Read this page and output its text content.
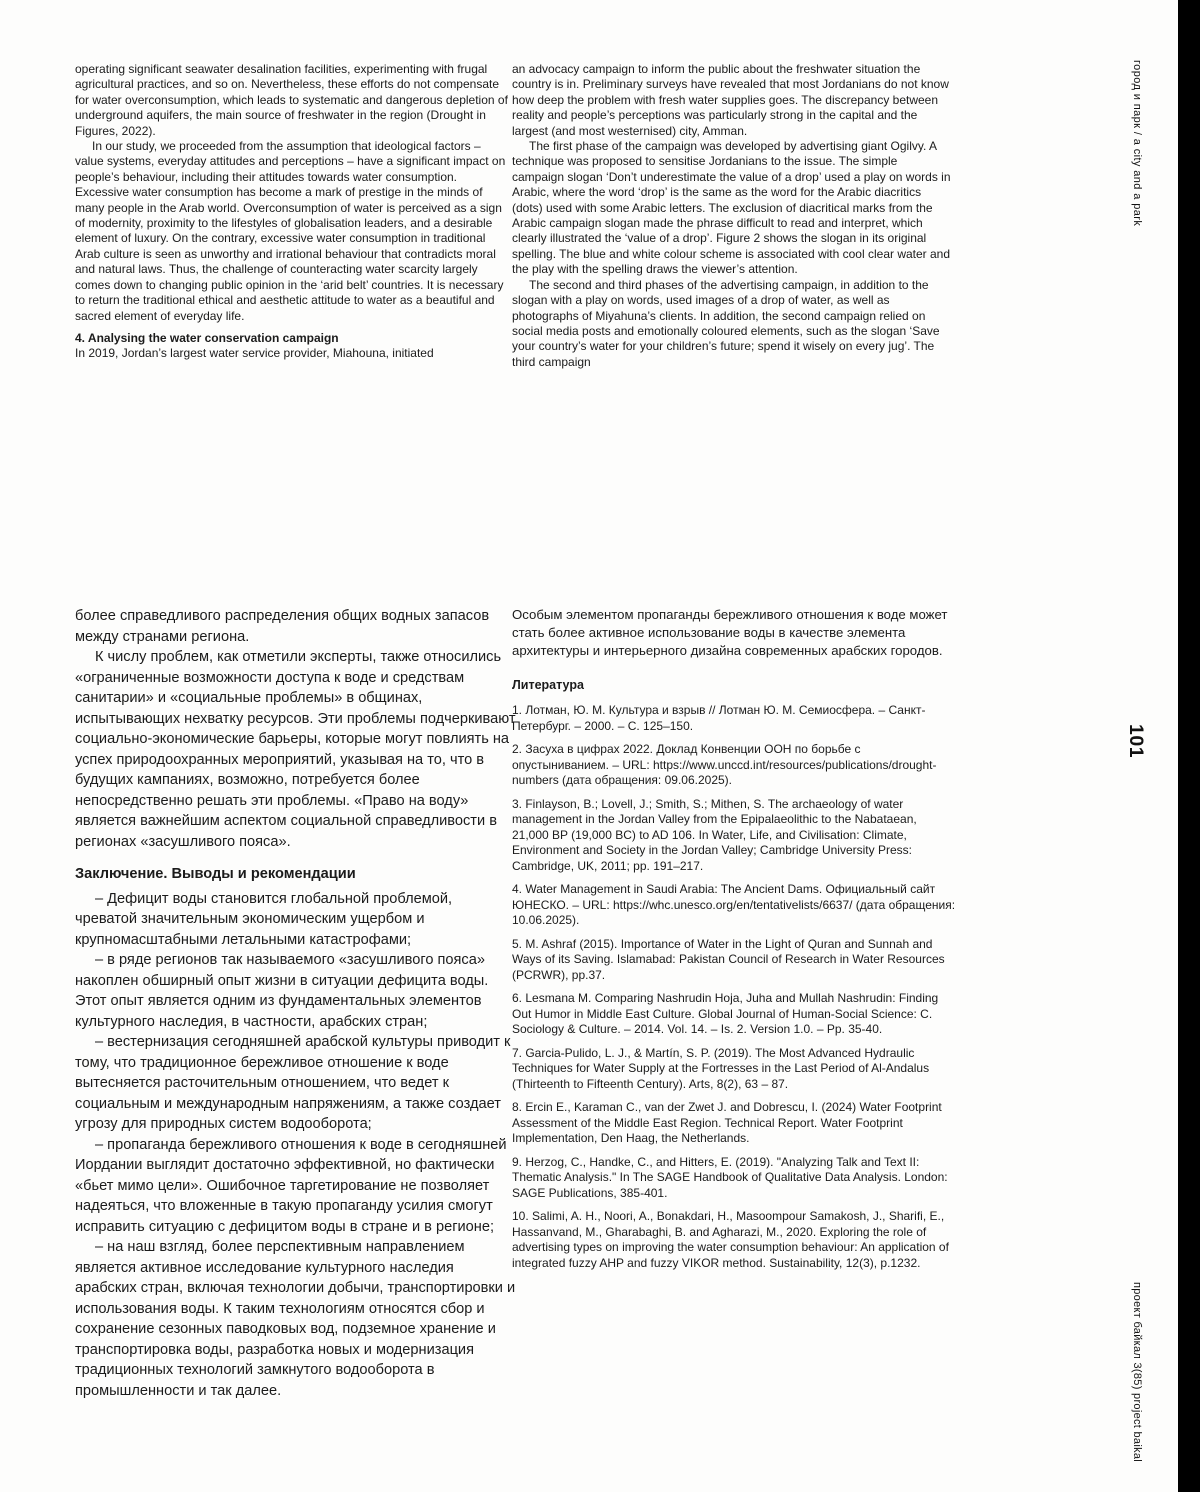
operating significant seawater desalination facilities, experimenting with frugal agricultural practices, and so on. Nevertheless, these efforts do not compensate for water overconsumption, which leads to systematic and dangerous depletion of underground aquifers, the main source of freshwater in the region (Drought in Figures, 2022).

In our study, we proceeded from the assumption that ideological factors – value systems, everyday attitudes and perceptions – have a significant impact on people’s behaviour, including their attitudes towards water consumption. Excessive water consumption has become a mark of prestige in the minds of many people in the Arab world. Overconsumption of water is perceived as a sign of modernity, proximity to the lifestyles of globalisation leaders, and a desirable element of luxury. On the contrary, excessive water consumption in traditional Arab culture is seen as unworthy and irrational behaviour that contradicts moral and natural laws. Thus, the challenge of counteracting water scarcity largely comes down to changing public opinion in the ‘arid belt’ countries. It is necessary to return the traditional ethical and aesthetic attitude to water as a beautiful and sacred element of everyday life.

4. Analysing the water conservation campaign

In 2019, Jordan’s largest water service provider, Miahouna, initiated

an advocacy campaign to inform the public about the freshwater situation the country is in. Preliminary surveys have revealed that most Jordanians do not know how deep the problem with fresh water supplies goes. The discrepancy between reality and people’s perceptions was particularly strong in the capital and the largest (and most westernised) city, Amman.

The first phase of the campaign was developed by advertising giant Ogilvy. A technique was proposed to sensitise Jordanians to the issue. The simple campaign slogan ‘Don’t underestimate the value of a drop’ used a play on words in Arabic, where the word ‘drop’ is the same as the word for the Arabic diacritics (dots) used with some Arabic letters. The exclusion of diacritical marks from the Arabic campaign slogan made the phrase difficult to read and interpret, which clearly illustrated the ‘value of a drop’. Figure 2 shows the slogan in its original spelling. The blue and white colour scheme is associated with cool clear water and the play with the spelling draws the viewer’s attention.

The second and third phases of the advertising campaign, in addition to the slogan with a play on words, used images of a drop of water, as well as photographs of Miyahuna’s clients. In addition, the second campaign relied on social media posts and emotionally coloured elements, such as the slogan ‘Save your country’s water for your children’s future; spend it wisely on every jug’. The third campaign

более справедливого распределения общих водных запасов между странами региона.

К числу проблем, как отметили эксперты, также относились «ограниченные возможности доступа к воде и средствам санитарии» и «социальные проблемы» в общинах, испытывающих нехватку ресурсов. Эти проблемы подчеркивают социально-экономические барьеры, которые могут повлиять на успех природоохранных мероприятий, указывая на то, что в будущих кампаниях, возможно, потребуется более непосредственно решать эти проблемы. «Право на воду» является важнейшим аспектом социальной справедливости в регионах «засушливого пояса».

Заключение. Выводы и рекомендации

– Дефицит воды становится глобальной проблемой, чреватой значительным экономическим ущербом и крупномасштабными летальными катастрофами;

– в ряде регионов так называемого «засушливого пояса» накоплен обширный опыт жизни в ситуации дефицита воды. Этот опыт является одним из фундаментальных элементов культурного наследия, в частности, арабских стран;

– вестернизация сегодняшней арабской культуры приводит к тому, что традиционное бережливое отношение к воде вытесняется расточительным отношением, что ведет к социальным и международным напряжениям, а также создает угрозу для природных систем водооборота;

– пропаганда бережливого отношения к воде в сегодняшней Иордании выглядит достаточно эффективной, но фактически «бьет мимо цели». Ошибочное таргетирование не позволяет надеяться, что вложенные в такую пропаганду усилия смогут исправить ситуацию с дефицитом воды в стране и в регионе;

– на наш взгляд, более перспективным направлением является активное исследование культурного наследия арабских стран, включая технологии добычи, транспортировки и использования воды. К таким технологиям относятся сбор и сохранение сезонных паводковых вод, подземное хранение и транспортировка воды, разработка новых и модернизация традиционных технологий замкнутого водооборота в промышленности и так далее.

Особым элементом пропаганды бережливого отношения к воде может стать более активное использование воды в качестве элемента архитектуры и интерьерного дизайна современных арабских городов.

Литература

1. Лотман, Ю. М. Культура и взрыв // Лотман Ю. М. Семиосфера. – Санкт-Петербург. – 2000. – С. 125–150.

2. Засуха в цифрах 2022. Доклад Конвенции ООН по борьбе с опустыниванием. – URL: https://www.unccd.int/resources/publications/drought-numbers (дата обращения: 09.06.2025).

3. Finlayson, B.; Lovell, J.; Smith, S.; Mithen, S. The archaeology of water management in the Jordan Valley from the Epipalaeolithic to the Nabataean, 21,000 BP (19,000 BC) to AD 106. In Water, Life, and Civilisation: Climate, Environment and Society in the Jordan Valley; Cambridge University Press: Cambridge, UK, 2011; pp. 191–217.

4. Water Management in Saudi Arabia: The Ancient Dams. Официальный сайт ЮНЕСКО. – URL: https://whc.unesco.org/en/tentativelists/6637/ (дата обращения: 10.06.2025).

5. M. Ashraf (2015). Importance of Water in the Light of Quran and Sunnah and Ways of its Saving. Islamabad: Pakistan Council of Research in Water Resources (PCRWR), pp.37.

6. Lesmana M. Comparing Nashrudin Hoja, Juha and Mullah Nashrudin: Finding Out Humor in Middle East Culture. Global Journal of Human-Social Science: C. Sociology & Culture. – 2014. Vol. 14. – Is. 2. Version 1.0. – Pp. 35-40.

7. Garcia-Pulido, L. J., & Martín, S. P. (2019). The Most Advanced Hydraulic Techniques for Water Supply at the Fortresses in the Last Period of Al-Andalus (Thirteenth to Fifteenth Century). Arts, 8(2), 63 – 87.

8. Ercin E., Karaman C., van der Zwet J. and Dobrescu, I. (2024) Water Footprint Assessment of the Middle East Region. Technical Report. Water Footprint Implementation, Den Haag, the Netherlands.

9. Herzog, C., Handke, C., and Hitters, E. (2019). "Analyzing Talk and Text II: Thematic Analysis." In The SAGE Handbook of Qualitative Data Analysis. London: SAGE Publications, 385-401.

10. Salimi, A. H., Noori, A., Bonakdari, H., Masoompour Samakosh, J., Sharifi, E., Hassanvand, M., Gharabaghi, B. and Agharazi, M., 2020. Exploring the role of advertising types on improving the water consumption behaviour: An application of integrated fuzzy AHP and fuzzy VIKOR method. Sustainability, 12(3), p.1232.

город и парк / a city and a park
101
проект байкал 3(85) project baikal
